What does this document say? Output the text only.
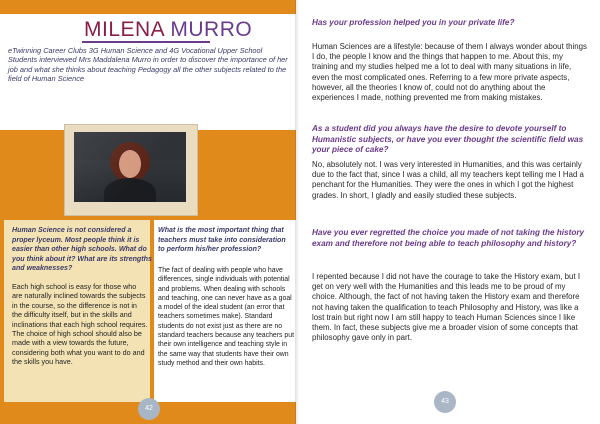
MILENA MURRO

eTwinning Career Clubs 3G Human Science and 4G Vocational Upper School Students interviewed Mrs Maddalena Murro in order to discover the importance of her job and what she thinks about teaching Pedagogy all the other subjects related to the field of Human Science

Human Science is not considered a proper lyceum. Most people think it is easier than other high schools. What do you think about it? What are its strengths and weaknesses?

Each high school is easy for those who are naturally inclined towards the subjects in the course, so the difference is not in the difficulty itself, but in the skills and inclinations that each high school requires. The choice of high school should also be made with a view towards the future, considering both what you want to do and the skills you have.

What is the most important thing that teachers must take into consideration to perform his/her profession?

The fact of dealing with people who have differences, single individuals with potential and problems. When dealing with schools and teaching, one can never have as a goal a model of the ideal student (an error that teachers sometimes make). Standard students do not exist just as there are no standard teachers because any teachers put their own intelligence and teaching style in the same way that students have their own study method and their own habits.

42

Has your profession helped you in your private life?

Human Sciences are a lifestyle: because of them I always wonder about things I do, the people I know and the things that happen to me. About this, my training and my studies helped me a lot to deal with many situations in life, even the most complicated ones. Referring to a few more private aspects, however, all the theories I know of, could not do anything about the experiences I made, nothing prevented me from making mistakes.

As a student did you always have the desire to devote yourself to Humanistic subjects, or have you ever thought the scientific field was your piece of cake?

No, absolutely not. I was very interested in Humanities, and this was certainly due to the fact that, since I was a child, all my teachers kept telling me I Had a penchant for the Humanities. They were the ones in which I got the highest grades. In short, I gladly and easily studied these subjects.

Have you ever regretted the choice you made of not taking the history exam and therefore not being able to teach philosophy and history?

I repented because I did not have the courage to take the History exam, but I get on very well with the Humanities and this leads me to be proud of my choice. Although, the fact of not having taken the History exam and therefore not having taken the qualification to teach Philosophy and History, was like a lost train but right now I am still happy to teach Human Sciences since I like them. In fact, these subjects give me a broader vision of some concepts that philosophy gave only in part.

43
